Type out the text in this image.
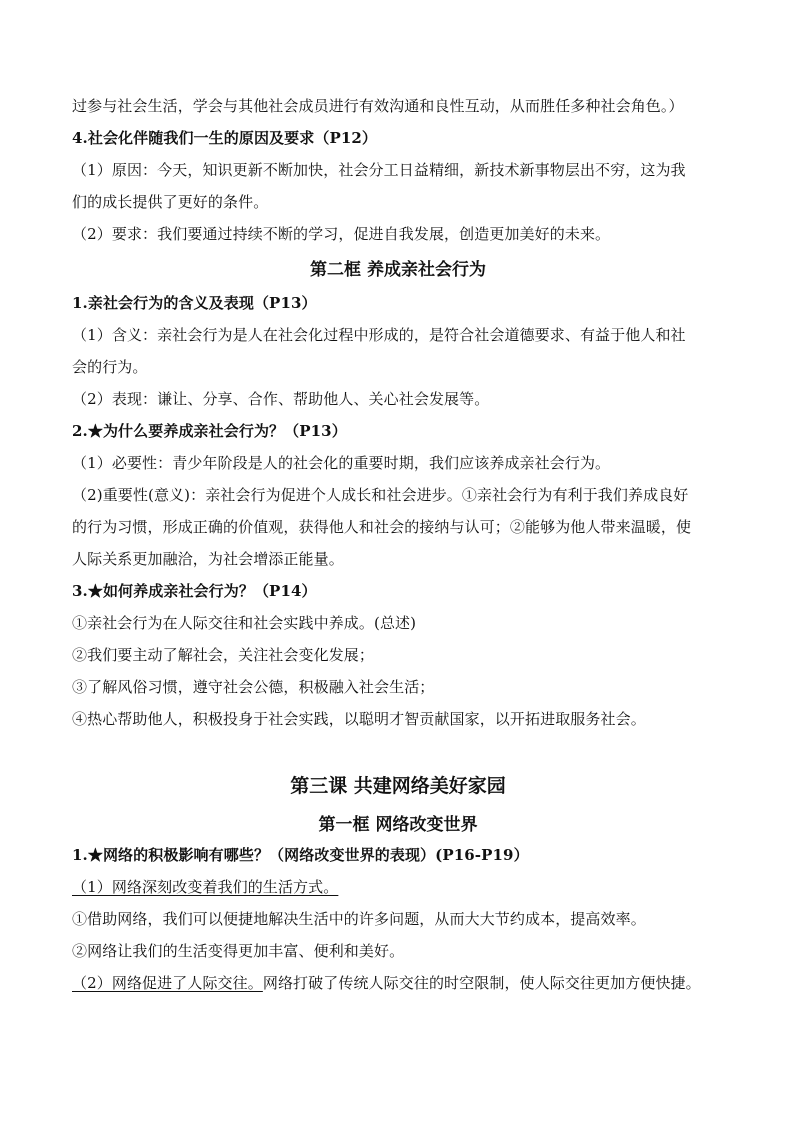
过参与社会生活，学会与其他社会成员进行有效沟通和良性互动，从而胜任多种社会角色。）

4.社会化伴随我们一生的原因及要求（P12）

（1）原因：今天，知识更新不断加快，社会分工日益精细，新技术新事物层出不穷，这为我

们的成长提供了更好的条件。

（2）要求：我们要通过持续不断的学习，促进自我发展，创造更加美好的未来。

第二框 养成亲社会行为

1.亲社会行为的含义及表现（P13）

（1）含义：亲社会行为是人在社会化过程中形成的，是符合社会道德要求、有益于他人和社

会的行为。

（2）表现：谦让、分享、合作、帮助他人、关心社会发展等。

2.★为什么要养成亲社会行为？（P13）

（1）必要性：青少年阶段是人的社会化的重要时期，我们应该养成亲社会行为。

（2)重要性(意义)：亲社会行为促进个人成长和社会进步。①亲社会行为有利于我们养成良好

的行为习惯，形成正确的价值观，获得他人和社会的接纳与认可；②能够为他人带来温暖，使

人际关系更加融洽，为社会增添正能量。

3.★如何养成亲社会行为？（P14）

①亲社会行为在人际交往和社会实践中养成。(总述)

②我们要主动了解社会，关注社会变化发展；

③了解风俗习惯，遵守社会公德，积极融入社会生活；

④热心帮助他人，积极投身于社会实践，以聪明才智贡献国家，以开拓进取服务社会。

第三课 共建网络美好家园

第一框 网络改变世界

1.★网络的积极影响有哪些？（网络改变世界的表现）(P16-P19）

（1）网络深刻改变着我们的生活方式。

①借助网络，我们可以便捷地解决生活中的许多问题，从而大大节约成本，提高效率。

②网络让我们的生活变得更加丰富、便利和美好。

（2）网络促进了人际交往。网络打破了传统人际交往的时空限制，使人际交往更加方便快捷。
